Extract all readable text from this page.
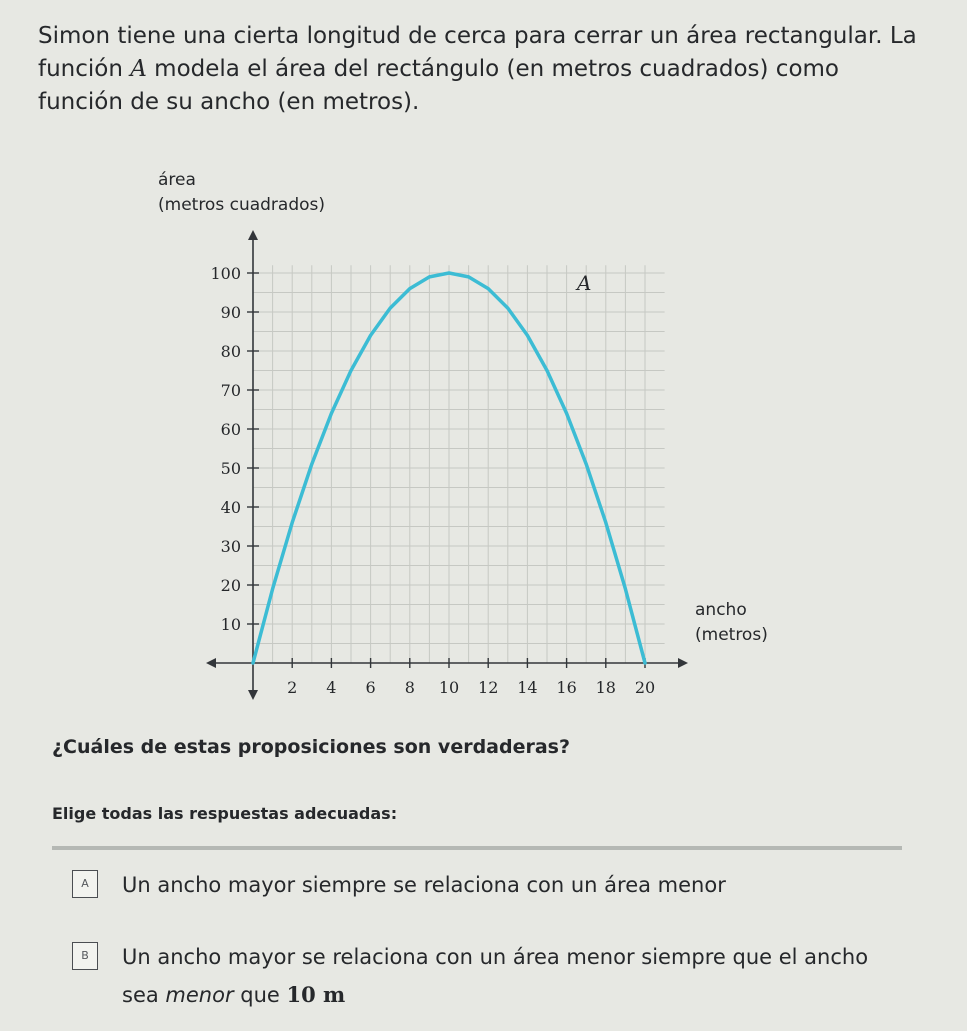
Simon tiene una cierta longitud de cerca para cerrar un área rectangular. La
función A modela el área del rectángulo (en metros cuadrados) como
función de su ancho (en metros).
área
(metros cuadrados)
ancho
(metros)
2 4 6 8 10 12 14 16 18 20
10
20
30
40
50
60
70
80
90
100	A
¿Cuáles de estas proposiciones son verdaderas?
Elige todas las respuestas adecuadas:
A	Un ancho mayor siempre se relaciona con un área menor
B	Un ancho mayor se relaciona con un área menor siempre que el ancho sea menor que 10 m
